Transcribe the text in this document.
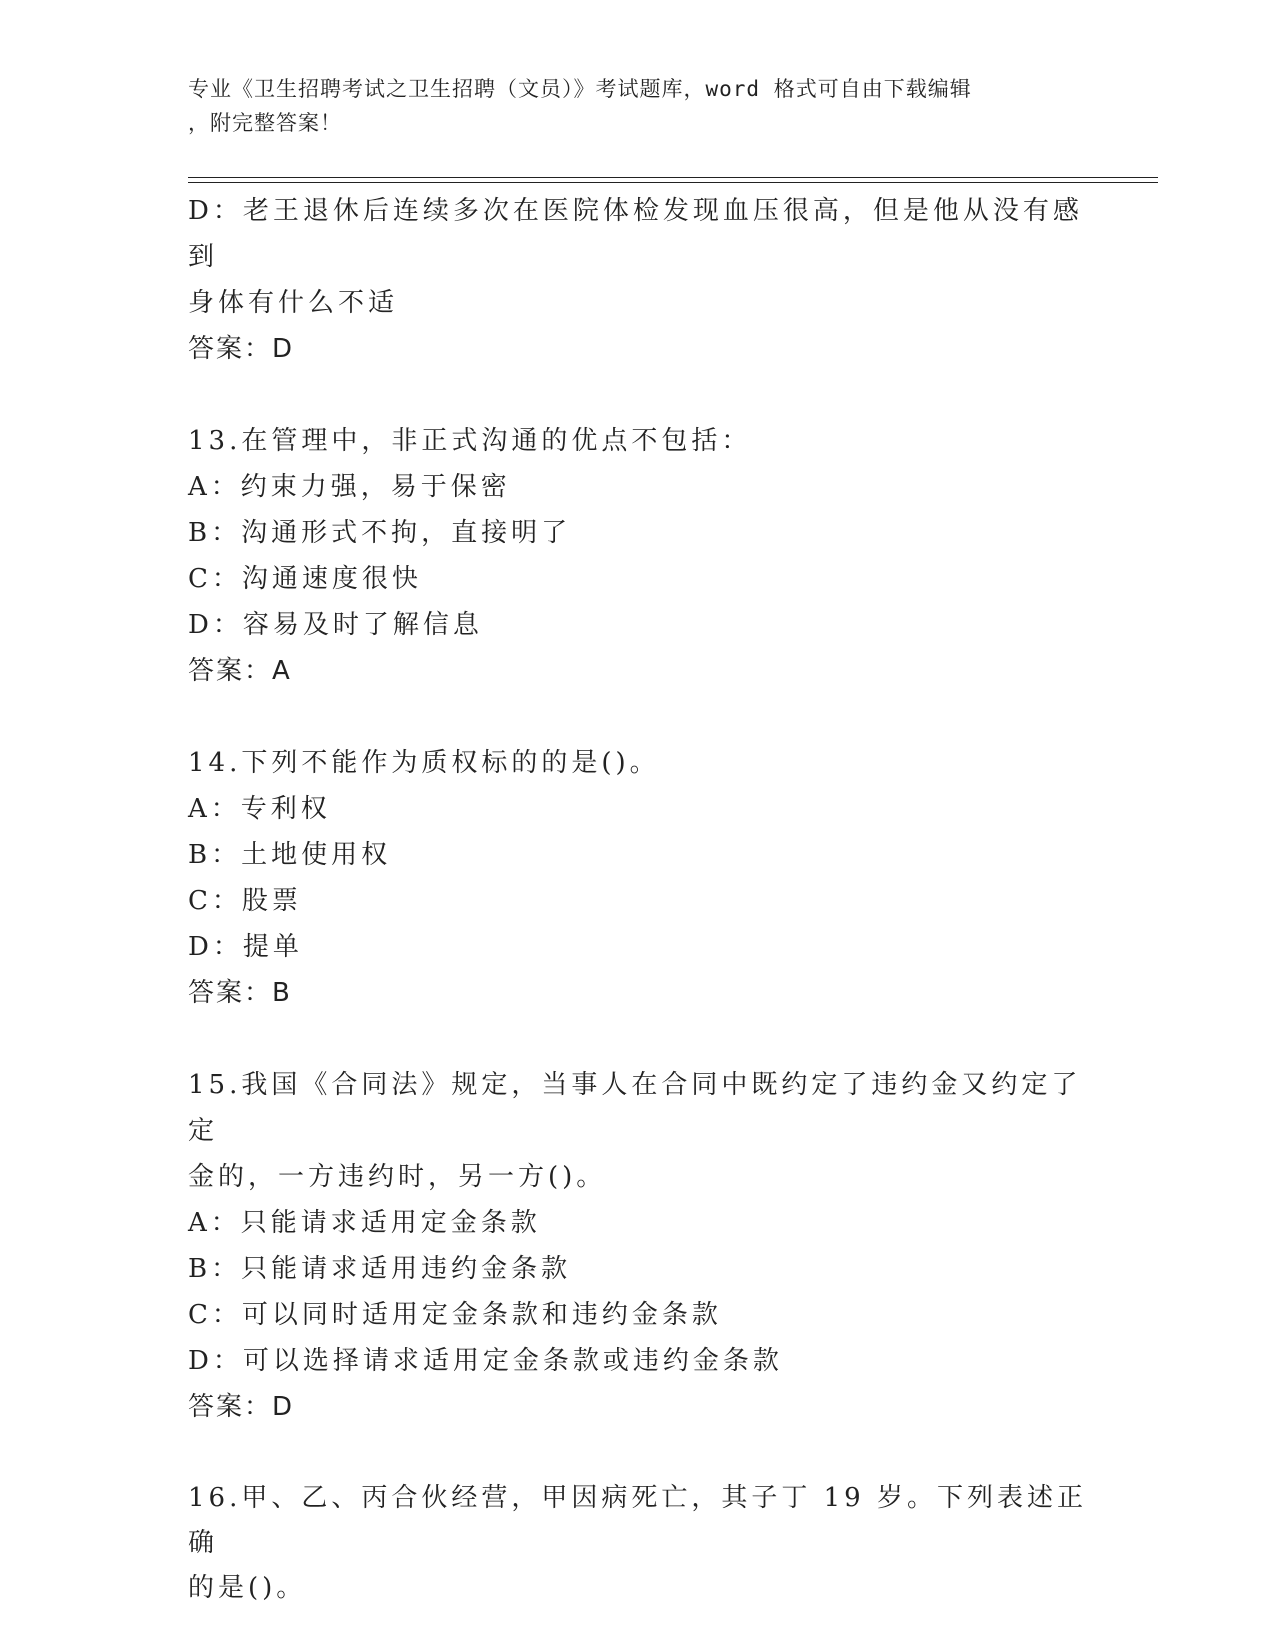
专业《卫生招聘考试之卫生招聘（文员）》考试题库，word 格式可自由下载编辑
，附完整答案！
D：老王退休后连续多次在医院体检发现血压很高，但是他从没有感到
身体有什么不适
答案：D
13.在管理中，非正式沟通的优点不包括：
A：约束力强，易于保密
B：沟通形式不拘，直接明了
C：沟通速度很快
D：容易及时了解信息
答案：A
14.下列不能作为质权标的的是()。
A：专利权
B：土地使用权
C：股票
D：提单
答案：B
15.我国《合同法》规定，当事人在合同中既约定了违约金又约定了定
金的，一方违约时，另一方()。
A：只能请求适用定金条款
B：只能请求适用违约金条款
C：可以同时适用定金条款和违约金条款
D：可以选择请求适用定金条款或违约金条款
答案：D
16.甲、乙、丙合伙经营，甲因病死亡，其子丁 19 岁。下列表述正确
的是()。
